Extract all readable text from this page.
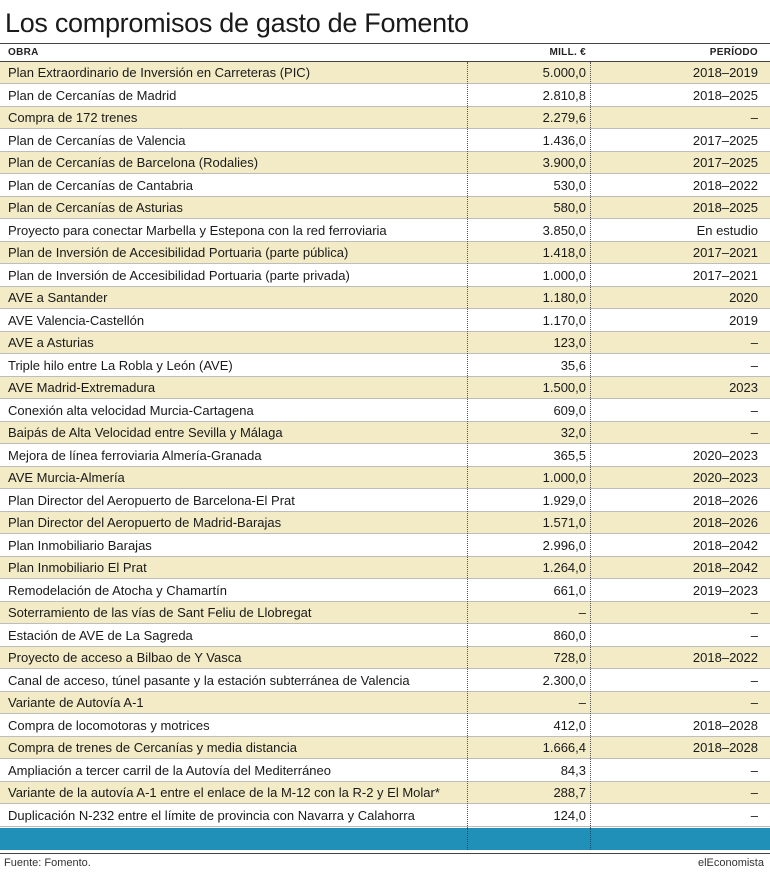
Los compromisos de gasto de Fomento
OBRA	MILL. €	PERÍODO
Plan Extraordinario de Inversión en Carreteras (PIC)	5.000,0	2018–2019
Plan de Cercanías de Madrid	2.810,8	2018–2025
Compra de 172 trenes	2.279,6	–
Plan de Cercanías de Valencia	1.436,0	2017–2025
Plan de Cercanías de Barcelona (Rodalies)	3.900,0	2017–2025
Plan de Cercanías de Cantabria	530,0	2018–2022
Plan de Cercanías de Asturias	580,0	2018–2025
Proyecto para conectar Marbella y Estepona con la red ferroviaria	3.850,0	En estudio
Plan de Inversión de Accesibilidad Portuaria (parte pública)	1.418,0	2017–2021
Plan de Inversión de Accesibilidad Portuaria (parte privada)	1.000,0	2017–2021
AVE a Santander	1.180,0	2020
AVE Valencia-Castellón	1.170,0	2019
AVE a Asturias	123,0	–
Triple hilo entre La Robla y León (AVE)	35,6	–
AVE Madrid-Extremadura	1.500,0	2023
Conexión alta velocidad Murcia-Cartagena	609,0	–
Baipás de Alta Velocidad entre Sevilla y Málaga	32,0	–
Mejora de línea ferroviaria Almería-Granada	365,5	2020–2023
AVE Murcia-Almería	1.000,0	2020–2023
Plan Director del Aeropuerto de Barcelona-El Prat	1.929,0	2018–2026
Plan Director del Aeropuerto de Madrid-Barajas	1.571,0	2018–2026
Plan Inmobiliario Barajas	2.996,0	2018–2042
Plan Inmobiliario El Prat	1.264,0	2018–2042
Remodelación de Atocha y Chamartín	661,0	2019–2023
Soterramiento de las vías de Sant Feliu de Llobregat	–	–
Estación de AVE de La Sagreda	860,0	–
Proyecto de acceso a Bilbao de Y Vasca	728,0	2018–2022
Canal de acceso, túnel pasante y la estación subterránea de Valencia	2.300,0	–
Variante de Autovía A-1	–	–
Compra de locomotoras y motrices	412,0	2018–2028
Compra de trenes de Cercanías y media distancia	1.666,4	2018–2028
Ampliación a tercer carril de la Autovía del Mediterráneo	84,3	–
Variante de la autovía A-1 entre el enlace de la M-12 con la R-2 y El Molar*	288,7	–
Duplicación N-232 entre el límite de provincia con Navarra y Calahorra	124,0	–
Fuente: Fomento.	elEconomista
